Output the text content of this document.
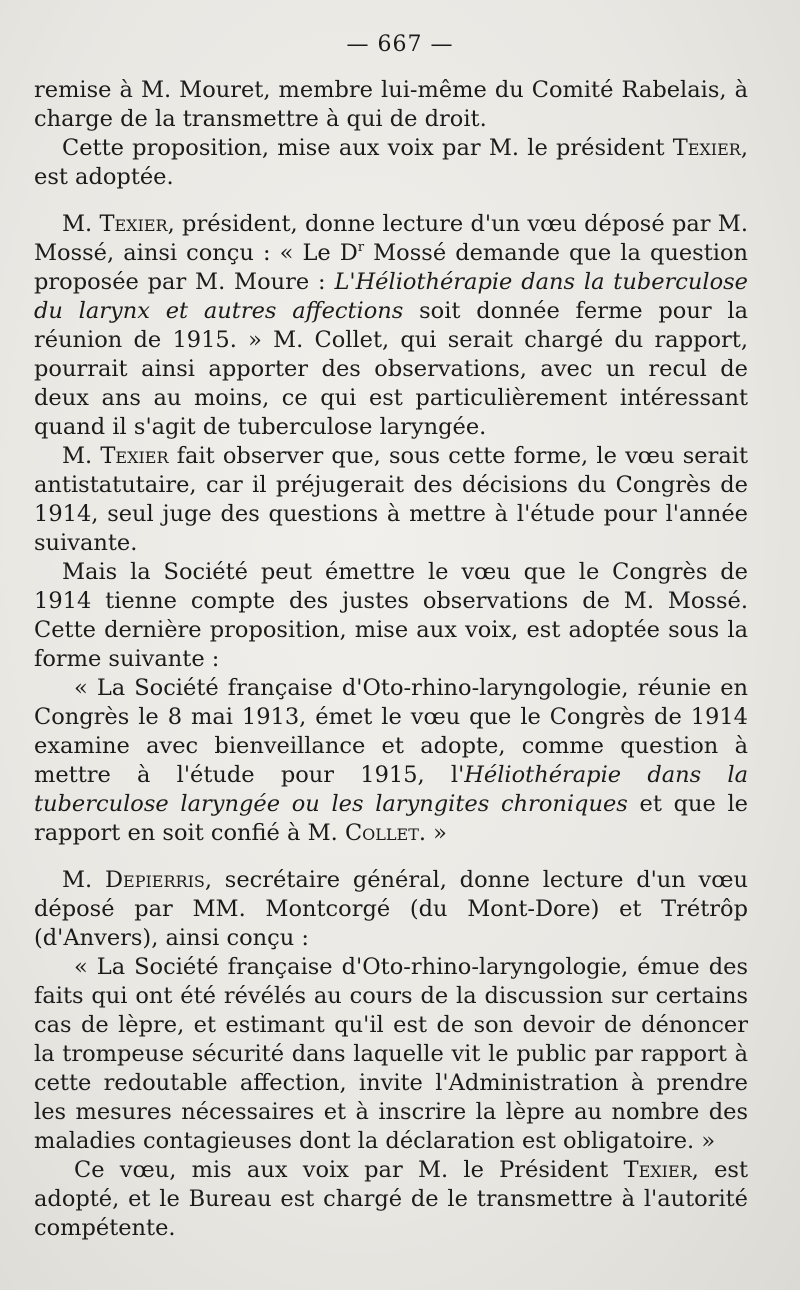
— 667 —

remise à M. Mouret, membre lui-même du Comité Rabelais, à charge de la transmettre à qui de droit.

Cette proposition, mise aux voix par M. le président Texier, est adoptée.

M. Texier, président, donne lecture d'un vœu déposé par M. Mossé, ainsi conçu : « Le $D^r$ Mossé demande que la question proposée par M. Moure : L'Héliothérapie dans la tuberculose du larynx et autres affections soit donnée ferme pour la réunion de 1915. » M. Collet, qui serait chargé du rapport, pourrait ainsi apporter des observations, avec un recul de deux ans au moins, ce qui est particulièrement intéressant quand il s'agit de tuberculose laryngée.

M. Texier fait observer que, sous cette forme, le vœu serait antistatutaire, car il préjugerait des décisions du Congrès de 1914, seul juge des questions à mettre à l'étude pour l'année suivante.

Mais la Société peut émettre le vœu que le Congrès de 1914 tienne compte des justes observations de M. Mossé. Cette dernière proposition, mise aux voix, est adoptée sous la forme suivante :

« La Société française d'Oto-rhino-laryngologie, réunie en Congrès le 8 mai 1913, émet le vœu que le Congrès de 1914 examine avec bienveillance et adopte, comme question à mettre à l'étude pour 1915, l'Héliothérapie dans la tuberculose laryngée ou les laryngites chroniques et que le rapport en soit confié à M. Collet. »

M. Depierris, secrétaire général, donne lecture d'un vœu déposé par MM. Montcorgé (du Mont-Dore) et Trétrôp (d'Anvers), ainsi conçu :

« La Société française d'Oto-rhino-laryngologie, émue des faits qui ont été révélés au cours de la discussion sur certains cas de lèpre, et estimant qu'il est de son devoir de dénoncer la trompeuse sécurité dans laquelle vit le public par rapport à cette redoutable affection, invite l'Administration à prendre les mesures nécessaires et à inscrire la lèpre au nombre des maladies contagieuses dont la déclaration est obligatoire. »

Ce vœu, mis aux voix par M. le Président Texier, est adopté, et le Bureau est chargé de le transmettre à l'autorité compétente.
